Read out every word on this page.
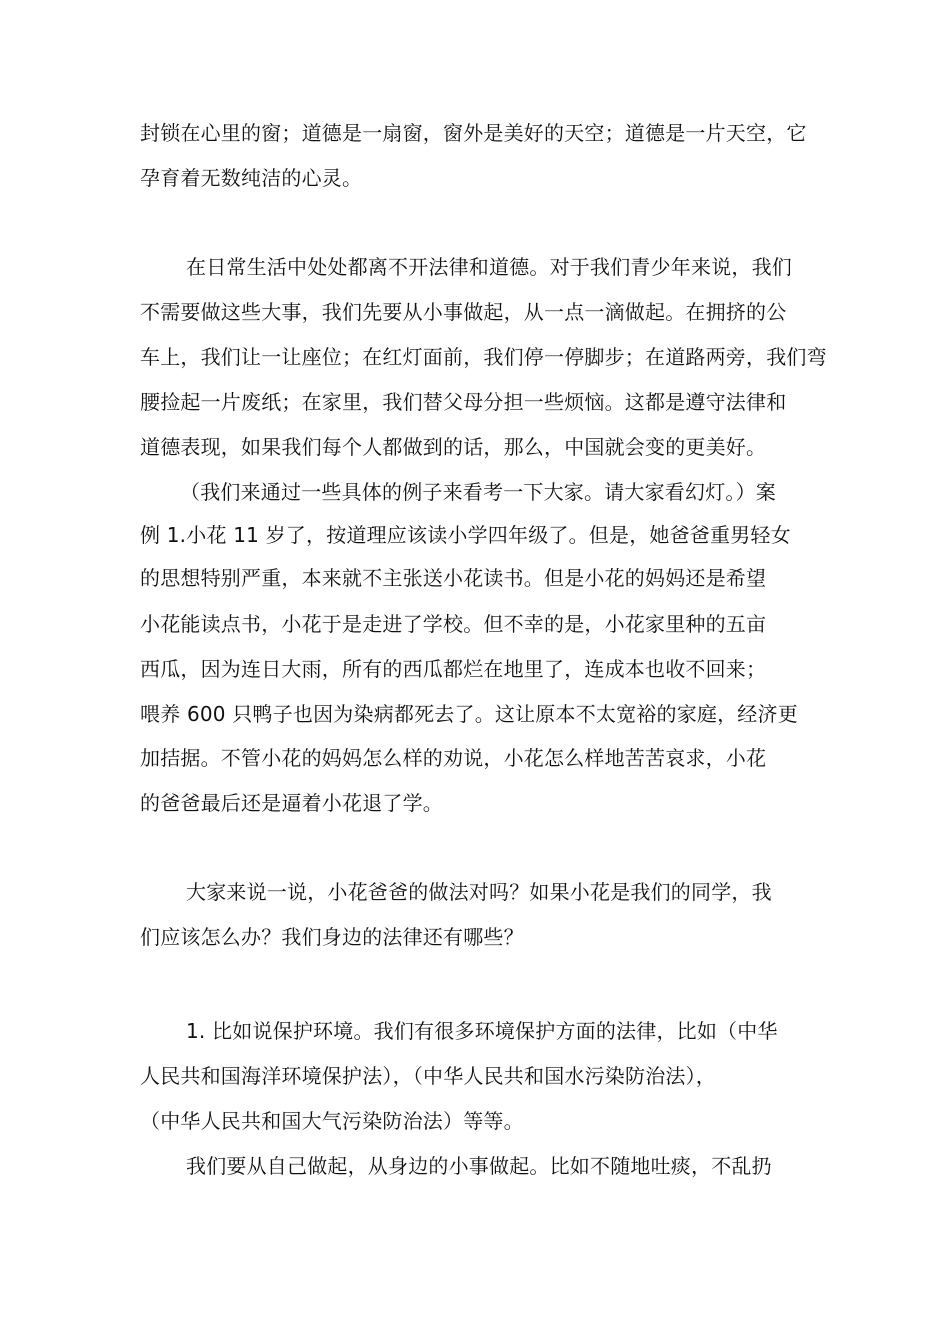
封锁在心里的窗；道德是一扇窗，窗外是美好的天空；道德是一片天空，它
孕育着无数纯洁的心灵。
在日常生活中处处都离不开法律和道德。对于我们青少年来说，我们
不需要做这些大事，我们先要从小事做起，从一点一滴做起。在拥挤的公
车上，我们让一让座位；在红灯面前，我们停一停脚步；在道路两旁，我们弯
腰捡起一片废纸；在家里，我们替父母分担一些烦恼。这都是遵守法律和
道德表现，如果我们每个人都做到的话，那么，中国就会变的更美好。
（我们来通过一些具体的例子来看考一下大家。请大家看幻灯。）案
例 1.小花 11 岁了，按道理应该读小学四年级了。但是，她爸爸重男轻女
的思想特别严重，本来就不主张送小花读书。但是小花的妈妈还是希望
小花能读点书，小花于是走进了学校。但不幸的是，小花家里种的五亩
西瓜，因为连日大雨，所有的西瓜都烂在地里了，连成本也收不回来；
喂养 600 只鸭子也因为染病都死去了。这让原本不太宽裕的家庭，经济更
加拮据。不管小花的妈妈怎么样的劝说，小花怎么样地苦苦哀求，小花
的爸爸最后还是逼着小花退了学。
大家来说一说，小花爸爸的做法对吗？如果小花是我们的同学，我
们应该怎么办？我们身边的法律还有哪些？
1. 比如说保护环境。我们有很多环境保护方面的法律，比如（中华
人民共和国海洋环境保护法），（中华人民共和国水污染防治法），
（中华人民共和国大气污染防治法）等等。
我们要从自己做起，从身边的小事做起。比如不随地吐痰，不乱扔
